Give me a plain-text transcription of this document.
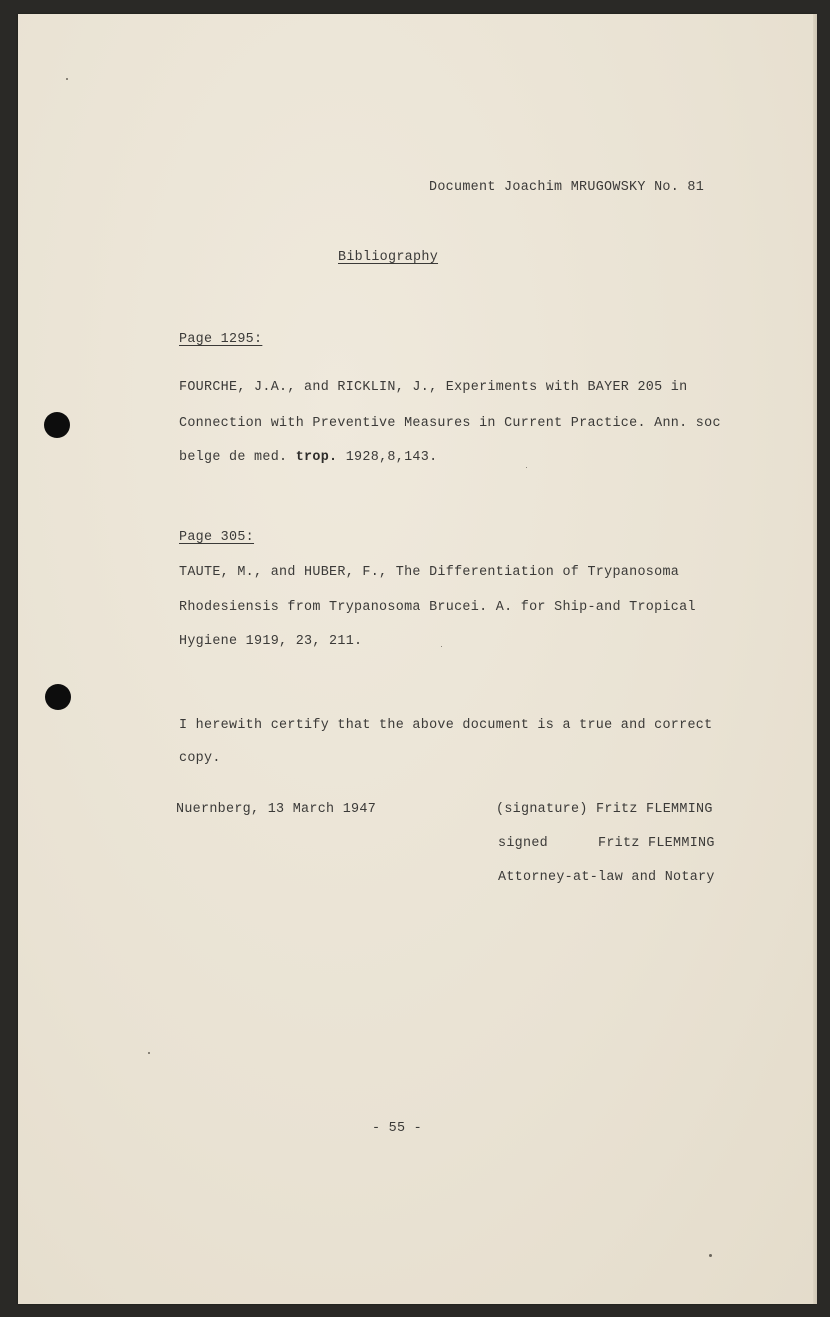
Document Joachim MRUGOWSKY No. 81

Bibliography

Page 1295:

FOURCHE, J.A., and RICKLIN, J., Experiments with BAYER 205 in

Connection with Preventive Measures in Current Practice. Ann. soc

belge de med. trop. 1928,8,143.

Page 305:

TAUTE, M., and HUBER, F., The Differentiation of Trypanosoma

Rhodesiensis from Trypanosoma Brucei. A. for Ship-and Tropical

Hygiene 1919, 23, 211.

I herewith certify that the above document is a true and correct

copy.

Nuernberg, 13 March 1947	(signature) Fritz FLEMMING

signed	Fritz FLEMMING

Attorney-at-law and Notary

- 55 -
